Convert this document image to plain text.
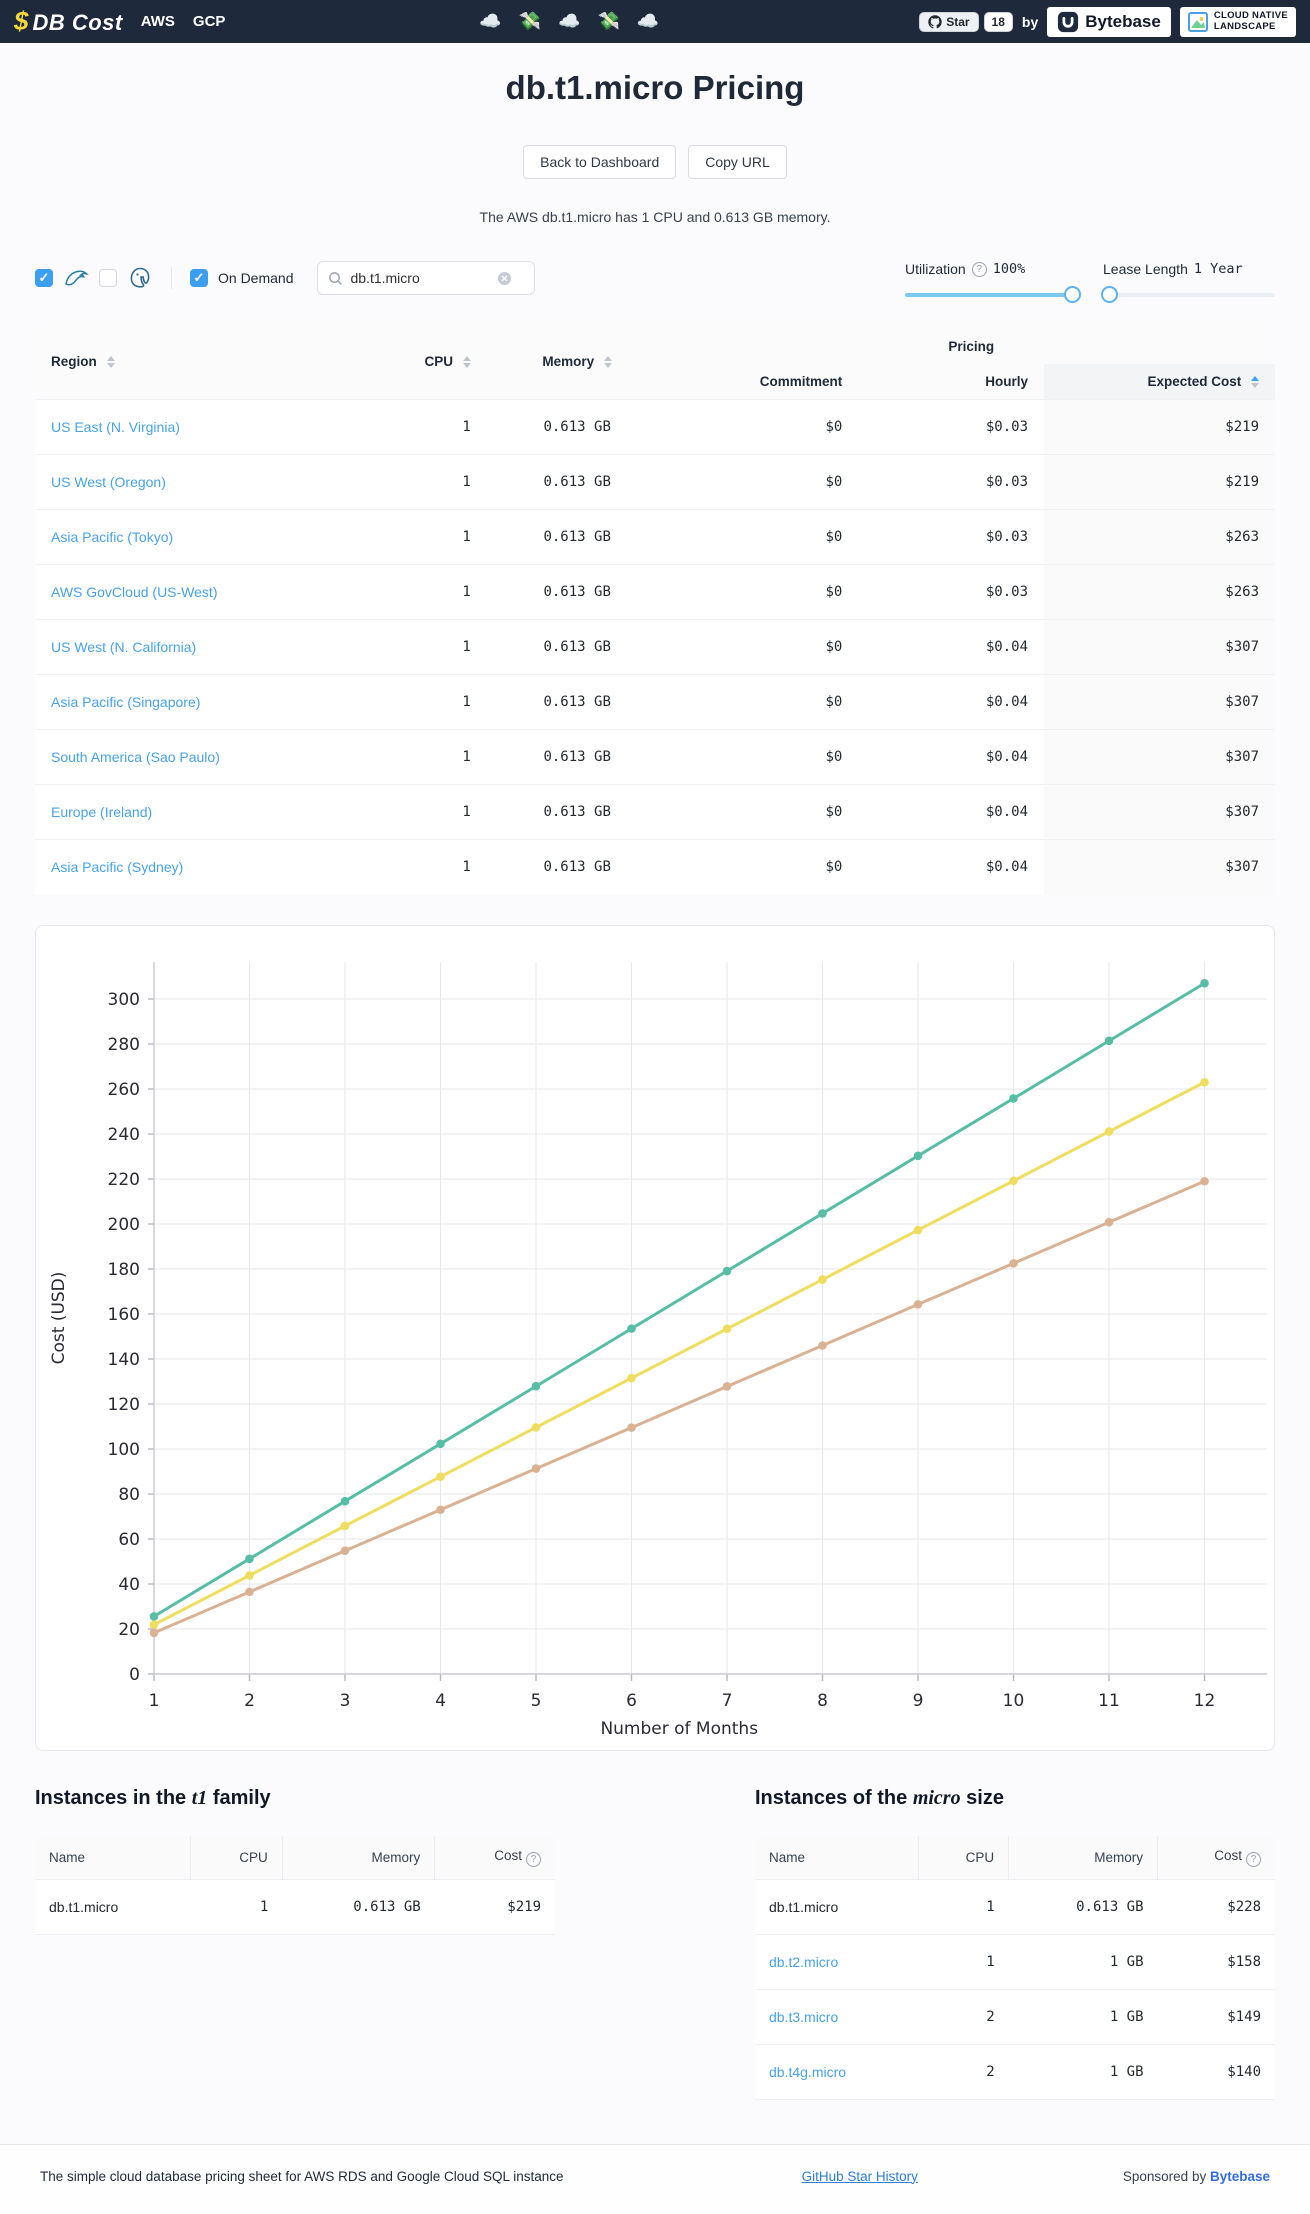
$ DB Cost AWS GCP	☁️ 💸 ☁️ 💸 ☁️	Star	18	by	Bytebase	CLOUD NATIVE
LANDSCAPE
db.t1.micro Pricing
Back to Dashboard	Copy URL
The AWS db.t1.micro has 1 CPU and 0.613 GB memory.
✓	✓ On Demand
db.t1.micro
Utilization	? 100%	Lease Length 1 Year
Region	CPU	Memory	Pricing		
			Commitment	Hourly	Expected Cost

US East (N. Virginia)	1	0.613 GB	$0	$0.03	$219
US West (Oregon)	1	0.613 GB	$0	$0.03	$219
Asia Pacific (Tokyo)	1	0.613 GB	$0	$0.03	$263
AWS GovCloud (US-West)	1	0.613 GB	$0	$0.03	$263
US West (N. California)	1	0.613 GB	$0	$0.04	$307
Asia Pacific (Singapore)	1	0.613 GB	$0	$0.04	$307
South America (Sao Paulo)	1	0.613 GB	$0	$0.04	$307
Europe (Ireland)	1	0.613 GB	$0	$0.04	$307
Asia Pacific (Sydney)	1	0.613 GB	$0	$0.04	$307
0
20
40
60
80
100
120
140
160
180
200
220
240
260
280
300
1	2	3	4	5	6	7	8	9	10	11	12
Number of Months
Cost (USD)
Instances in the t1 family
Name	CPU	Memory	Cost ?
db.t1.micro	1	0.613 GB	$219
Instances of the micro size
Name	CPU	Memory	Cost ?
db.t1.micro	1	0.613 GB	$228
db.t2.micro	1	1 GB	$158
db.t3.micro	2	1 GB	$149
db.t4g.micro	2	1 GB	$140
The simple cloud database pricing sheet for AWS RDS and Google Cloud SQL instance	GitHub Star History	Sponsored by Bytebase
